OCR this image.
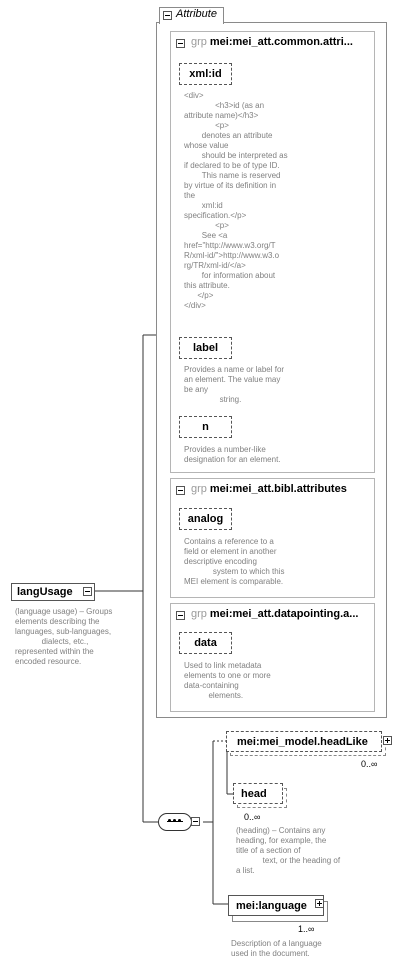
langUsage
(language usage) – Groups
elements describing the
languages, sub-languages,
dialects, etc.,
represented within the
encoded resource.
Attribute
grp mei:mei_att.common.attri...
xml:id
<div>
<h3>id (as an
attribute name)</h3>
<p>
denotes an attribute
whose value
should be interpreted as
if declared to be of type ID.
This name is reserved
by virtue of its definition in
the
xml:id
specification.</p>
<p>
See <a
href="http://www.w3.org/T
R/xml-id/">http://www.w3.o
rg/TR/xml-id/</a>
for information about
this attribute.
</p>
</div>
label
Provides a name or label for
an element. The value may
be any
string.
n
Provides a number-like
designation for an element.
grp mei:mei_att.bibl.attributes
analog
Contains a reference to a
field or element in another
descriptive encoding
system to which this
MEI element is comparable.
grp mei:mei_att.datapointing.a...
data
Used to link metadata
elements to one or more
data-containing
elements.
mei:mei_model.headLike
0..∞
head
0..∞
(heading) – Contains any
heading, for example, the
title of a section of
text, or the heading of
a list.
mei:language
1..∞
Description of a language
used in the document.
